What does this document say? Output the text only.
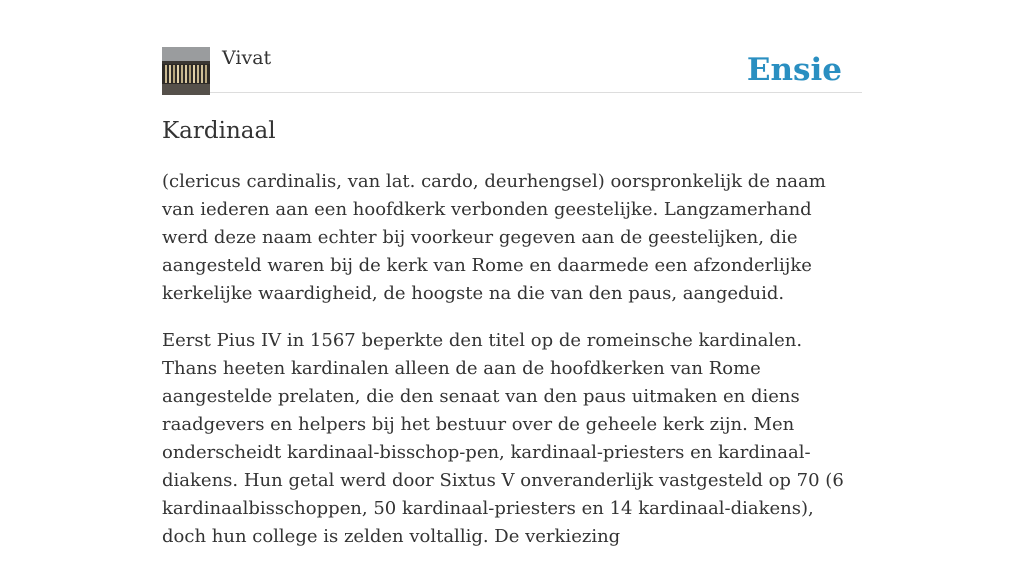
Vivat	Ensie
Kardinaal

(clericus cardinalis, van lat. cardo, deurhengsel) oorspronkelijk de naam van iederen aan een hoofdkerk verbonden geestelijke. Langzamerhand werd deze naam echter bij voorkeur gegeven aan de geestelijken, die aangesteld waren bij de kerk van Rome en daarmede een afzonderlijke kerkelijke waardigheid, de hoogste na die van den paus, aangeduid.

Eerst Pius IV in 1567 beperkte den titel op de romeinsche kardinalen. Thans heeten kardinalen alleen de aan de hoofdkerken van Rome aangestelde prelaten, die den senaat van den paus uitmaken en diens raadgevers en helpers bij het bestuur over de geheele kerk zijn. Men onderscheidt kardinaal-bisschop-pen, kardinaal-priesters en kardinaal-diakens. Hun getal werd door Sixtus V onveranderlijk vastgesteld op 70 (6 kardinaalbisschoppen, 50 kardinaal-priesters en 14 kardinaal-diakens), doch hun college is zelden voltallig. De verkiezing
